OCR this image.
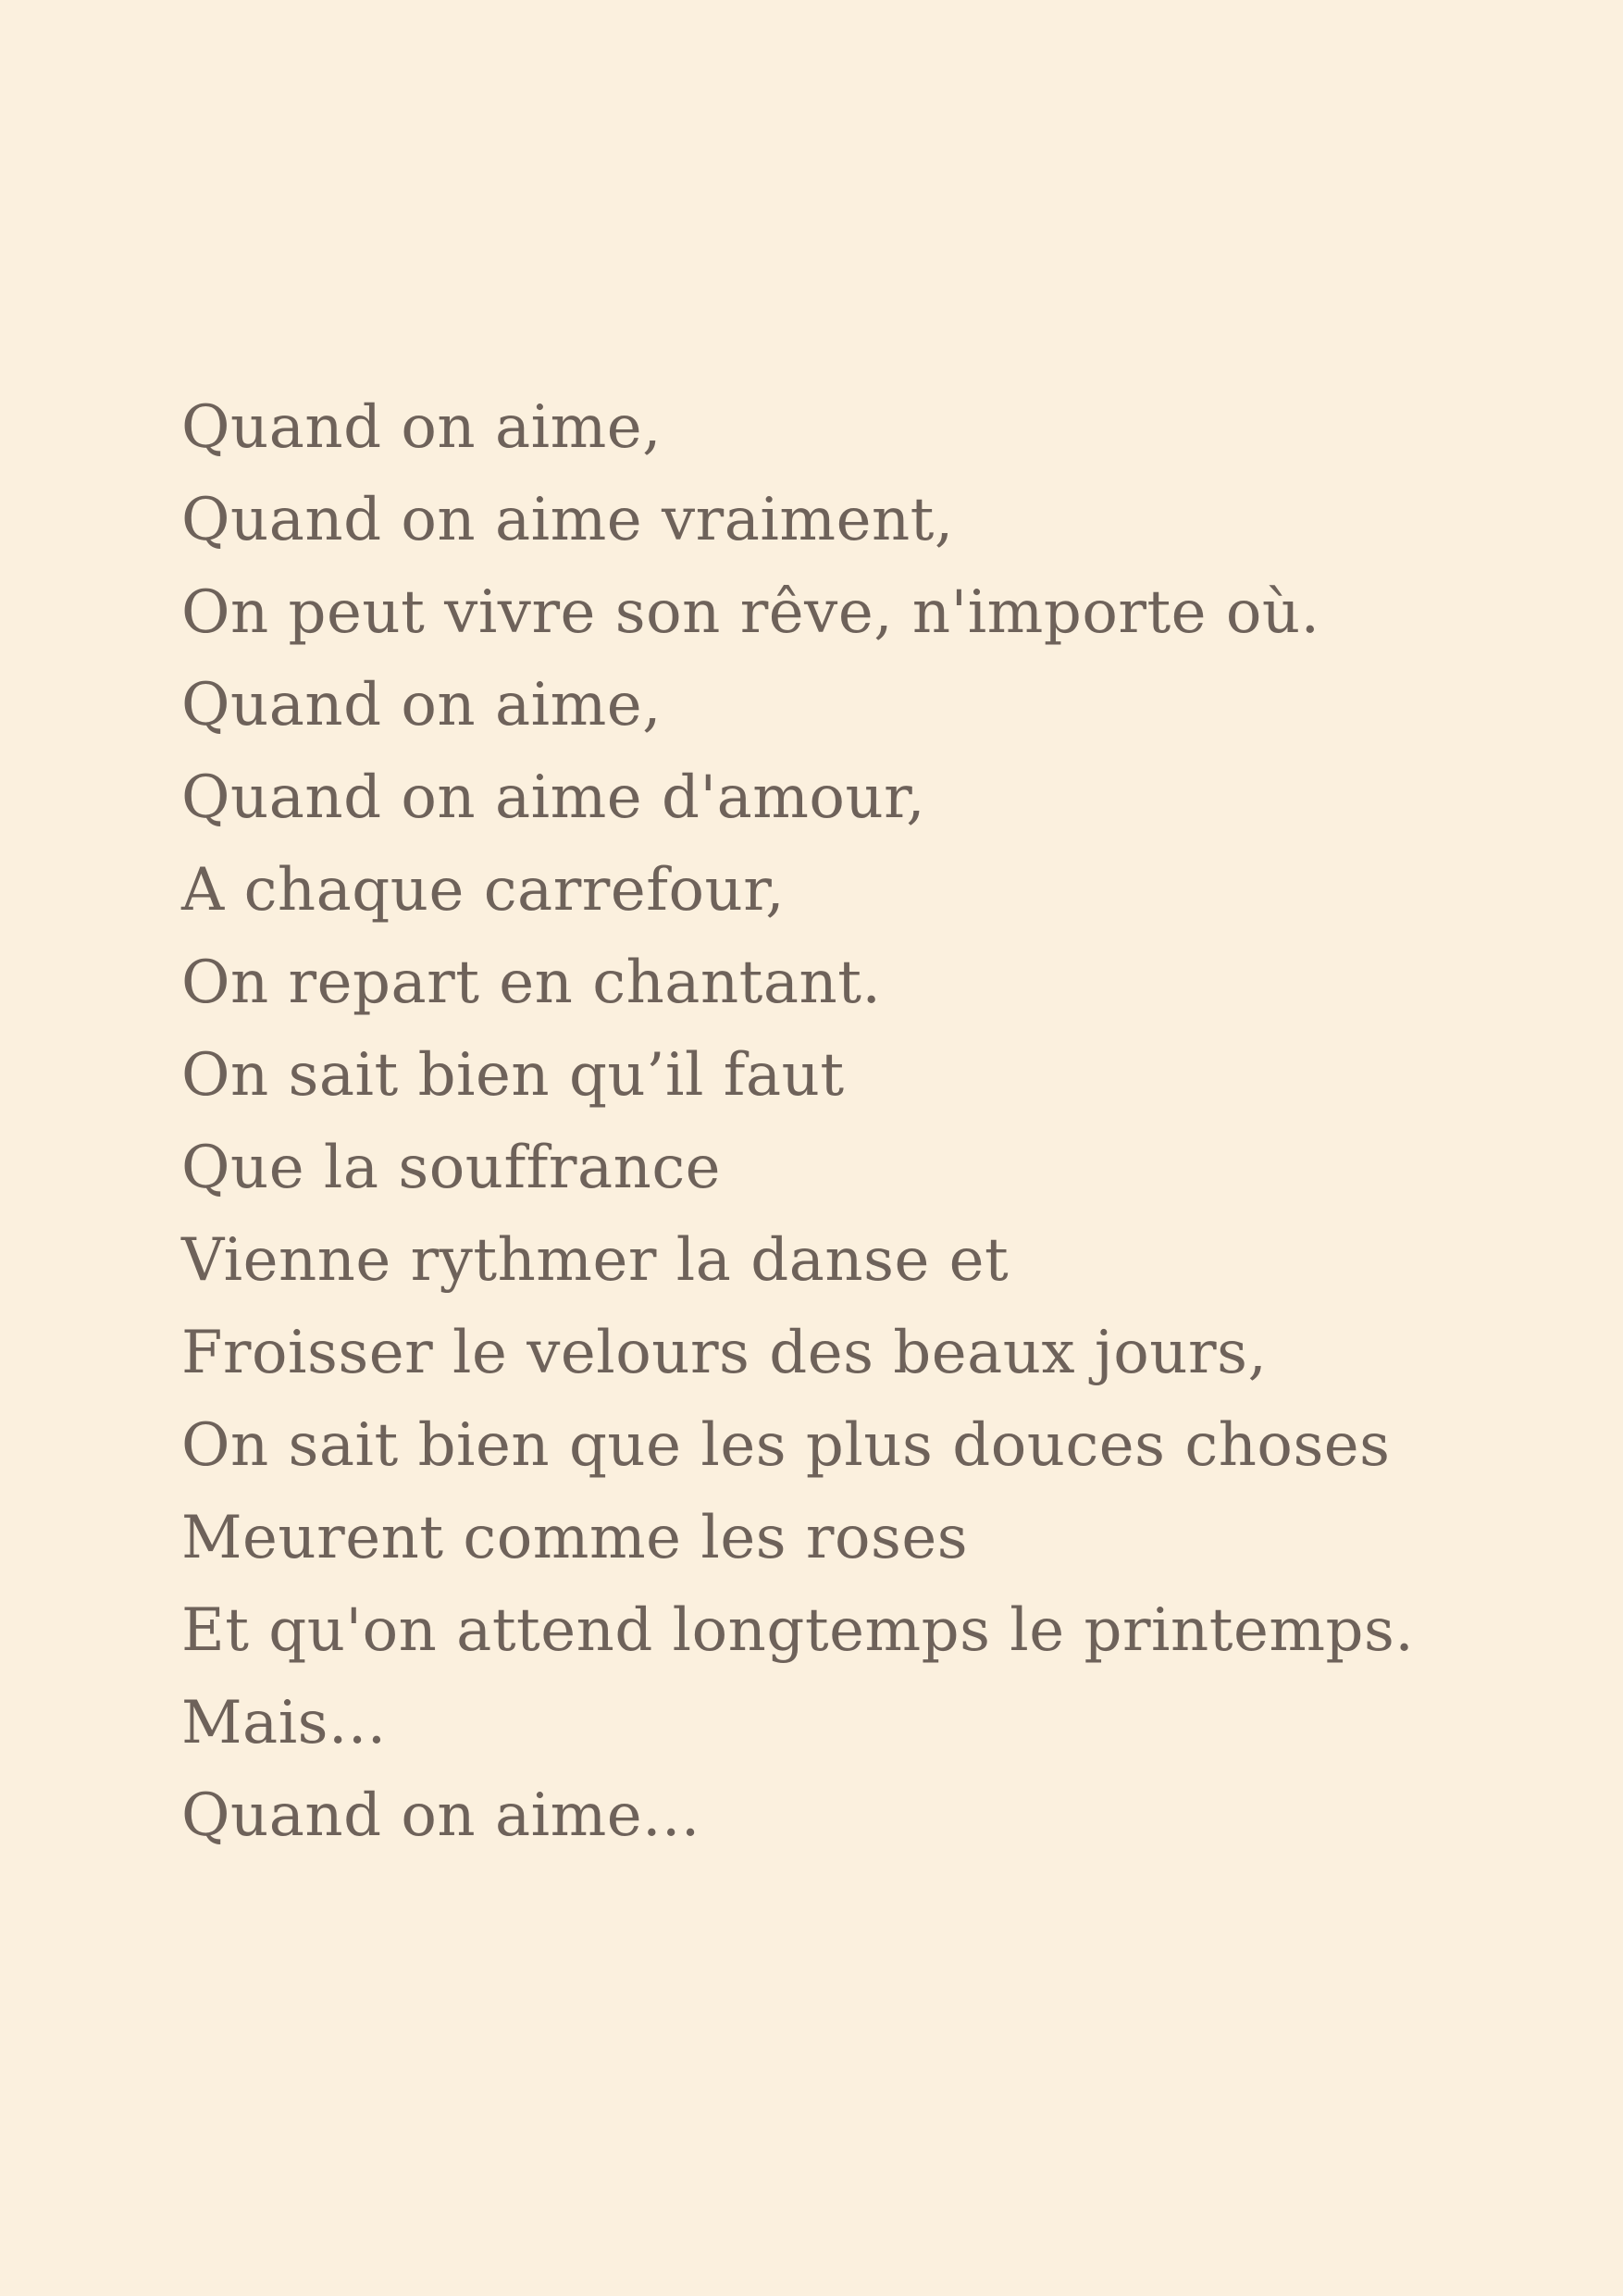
Quand on aime,
Quand on aime vraiment,
On peut vivre son rêve, n'importe où.
Quand on aime,
Quand on aime d'amour,
A chaque carrefour,
On repart en chantant.
On sait bien qu’il faut
Que la souffrance
Vienne rythmer la danse et
Froisser le velours des beaux jours,
On sait bien que les plus douces choses
Meurent comme les roses
Et qu'on attend longtemps le printemps.
Mais...
Quand on aime...
